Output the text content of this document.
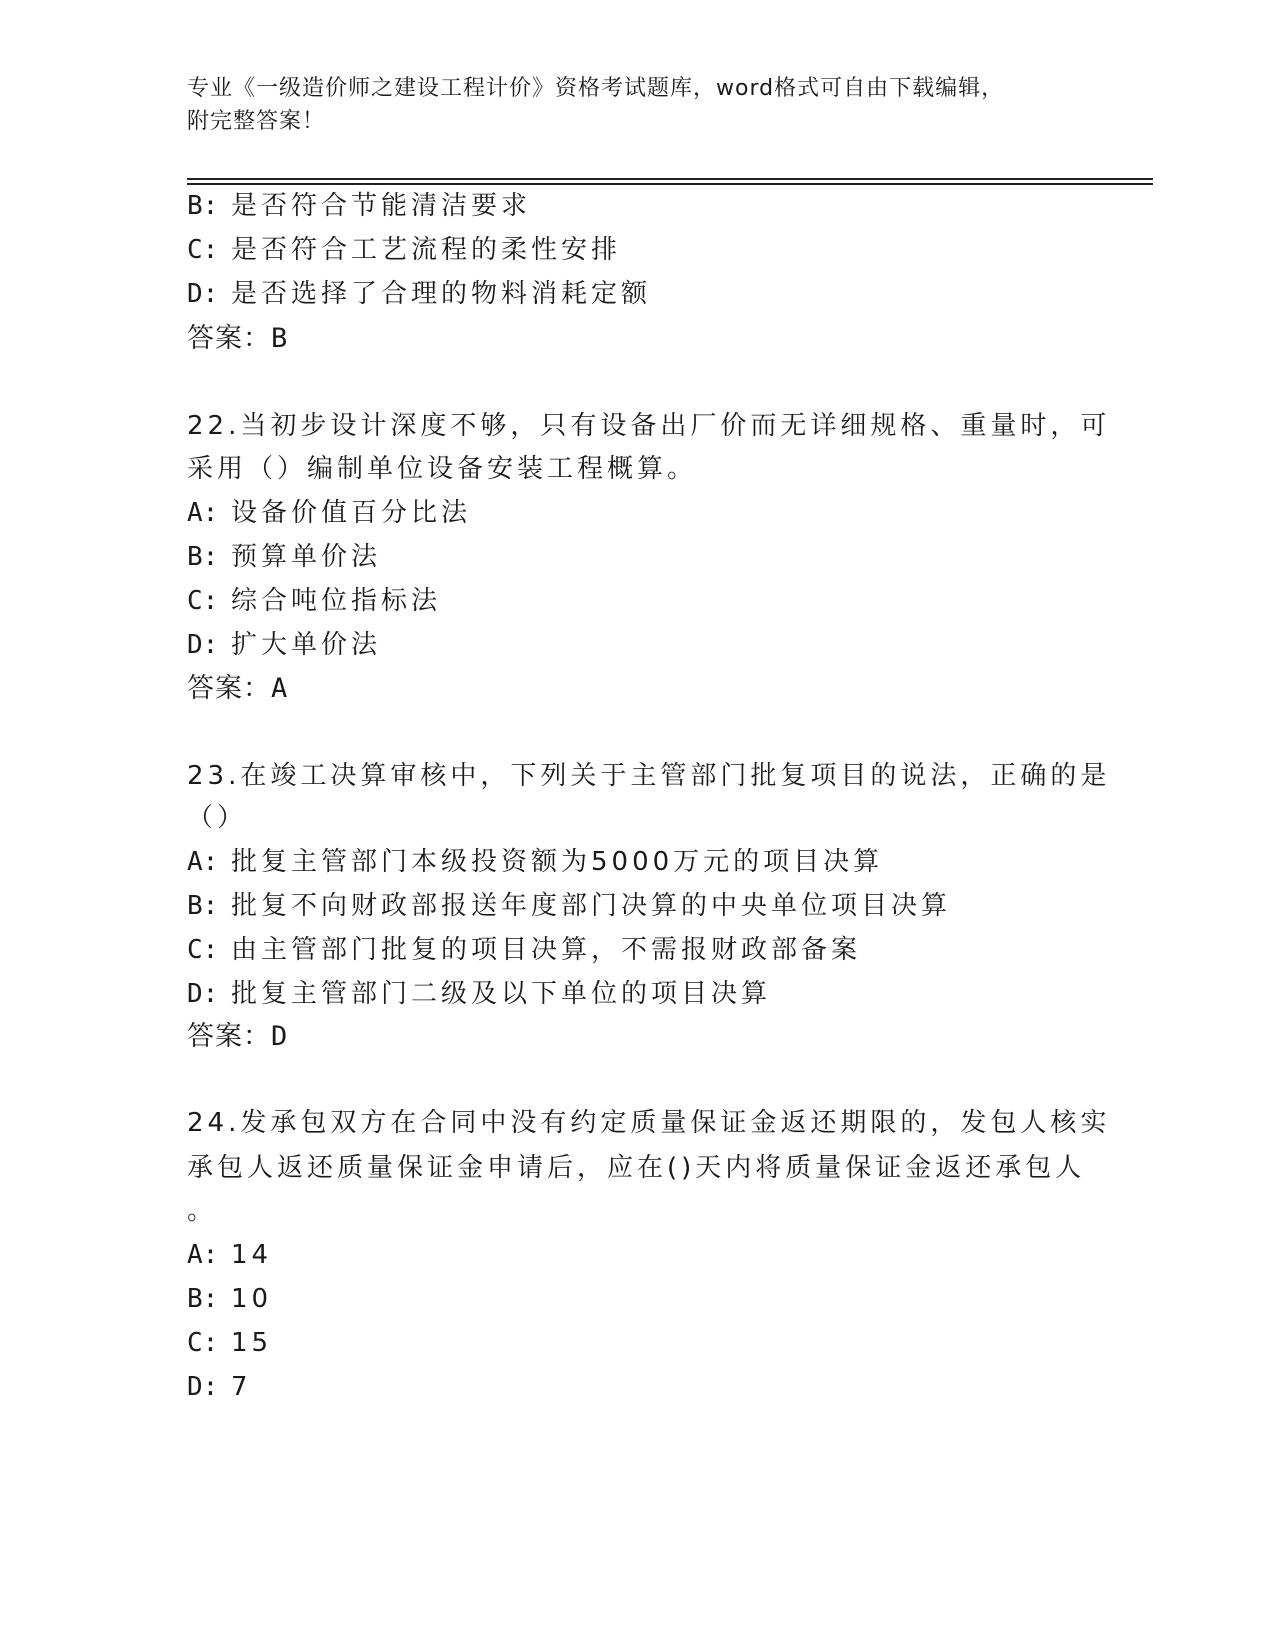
专业《一级造价师之建设工程计价》资格考试题库，word格式可自由下载编辑，
附完整答案！
B: 是否符合节能清洁要求
C: 是否符合工艺流程的柔性安排
D: 是否选择了合理的物料消耗定额
答案：B
22.当初步设计深度不够，只有设备出厂价而无详细规格、重量时，可
采用（）编制单位设备安装工程概算。
A: 设备价值百分比法
B: 预算单价法
C: 综合吨位指标法
D: 扩大单价法
答案：A
23.在竣工决算审核中，下列关于主管部门批复项目的说法，正确的是
（）
A: 批复主管部门本级投资额为5000万元的项目决算
B: 批复不向财政部报送年度部门决算的中央单位项目决算
C: 由主管部门批复的项目决算，不需报财政部备案
D: 批复主管部门二级及以下单位的项目决算
答案：D
24.发承包双方在合同中没有约定质量保证金返还期限的，发包人核实
承包人返还质量保证金申请后，应在()天内将质量保证金返还承包人
。
A: 14
B: 10
C: 15
D: 7
